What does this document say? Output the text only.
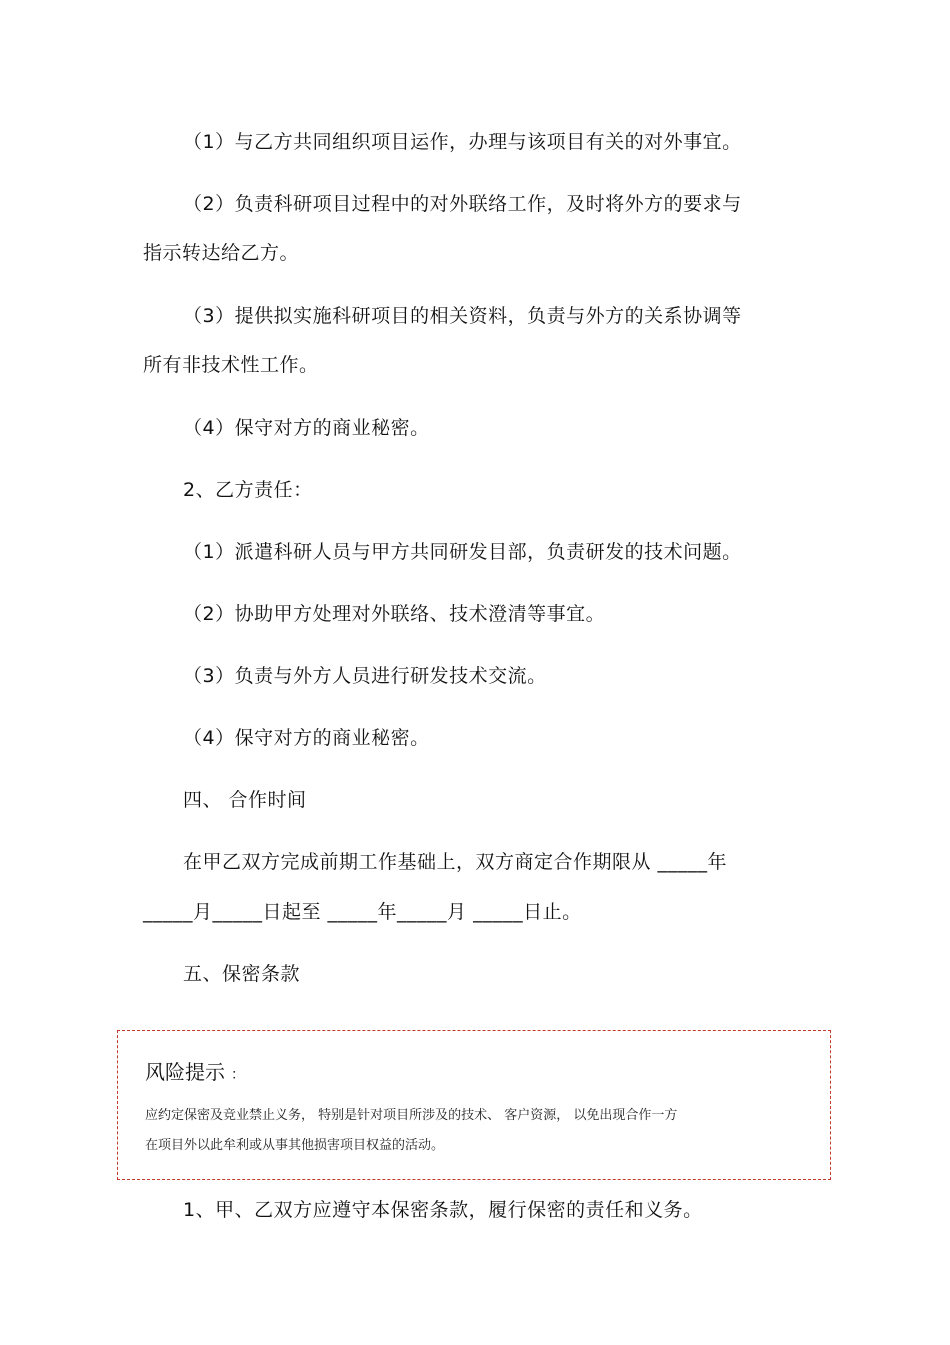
（1）与乙方共同组织项目运作，办理与该项目有关的对外事宜。
（2）负责科研项目过程中的对外联络工作，及时将外方的要求与
指示转达给乙方。
（3）提供拟实施科研项目的相关资料，负责与外方的关系协调等
所有非技术性工作。
（4）保守对方的商业秘密。
2、乙方责任：
（1）派遣科研人员与甲方共同研发目部，负责研发的技术问题。
（2）协助甲方处理对外联络、技术澄清等事宜。
（3）负责与外方人员进行研发技术交流。
（4）保守对方的商业秘密。
四、 合作时间
在甲乙双方完成前期工作基础上，双方商定合作期限从 _____年
_____月_____日起至 _____年_____月 _____日止。
五、保密条款
风险提示 ：
应约定保密及竞业禁止义务， 特别是针对项目所涉及的技术、 客户资源， 以免出现合作一方
在项目外以此牟利或从事其他损害项目权益的活动。
1、甲、乙双方应遵守本保密条款，履行保密的责任和义务。
